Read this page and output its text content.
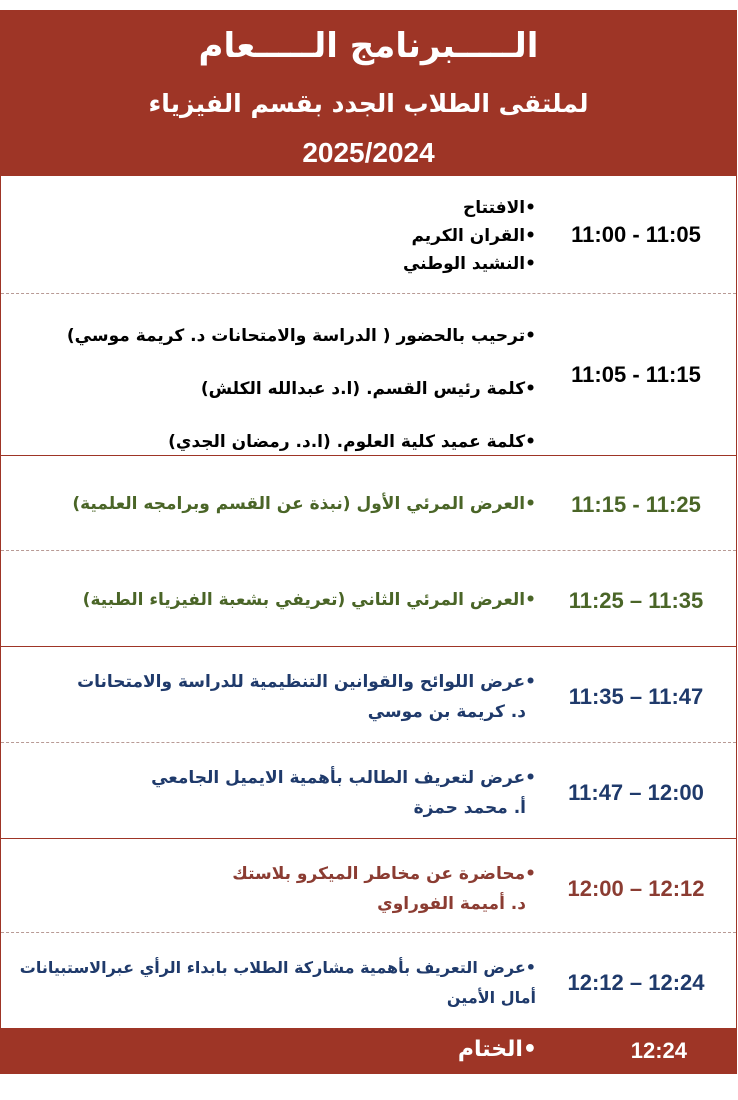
الـــــبرنامج الـــــعام
لملتقى الطلاب الجدد بقسم الفيزياء
2025/2024
11:00 - 11:05
•الافتتاح
•القران الكريم
•النشيد الوطني
11:05 - 11:15
•ترحيب بالحضور ( الدراسة والامتحانات د. كريمة موسي)
•كلمة رئيس القسم. (ا.د عبدالله الكلش)
•كلمة عميد كلية العلوم. (ا.د. رمضان الجدي)
11:15 - 11:25
•العرض المرئي الأول (نبذة عن القسم وبرامجه العلمية)
11:25 – 11:35
•العرض المرئي الثاني (تعريفي بشعبة الفيزياء الطبية)
11:35 – 11:47
•عرض اللوائح والقوانين التنظيمية للدراسة والامتحانات
د. كريمة بن موسي
11:47 – 12:00
•عرض لتعريف الطالب بأهمية الايميل الجامعي
أ. محمد حمزة
12:00 – 12:12
•محاضرة عن مخاطر الميكرو بلاستك
د. أميمة الفوراوي
12:12 – 12:24
•عرض التعريف بأهمية مشاركة الطلاب بابداء الرأي عبرالاستبيانات
أمال الأمين
•الختام	12:24
